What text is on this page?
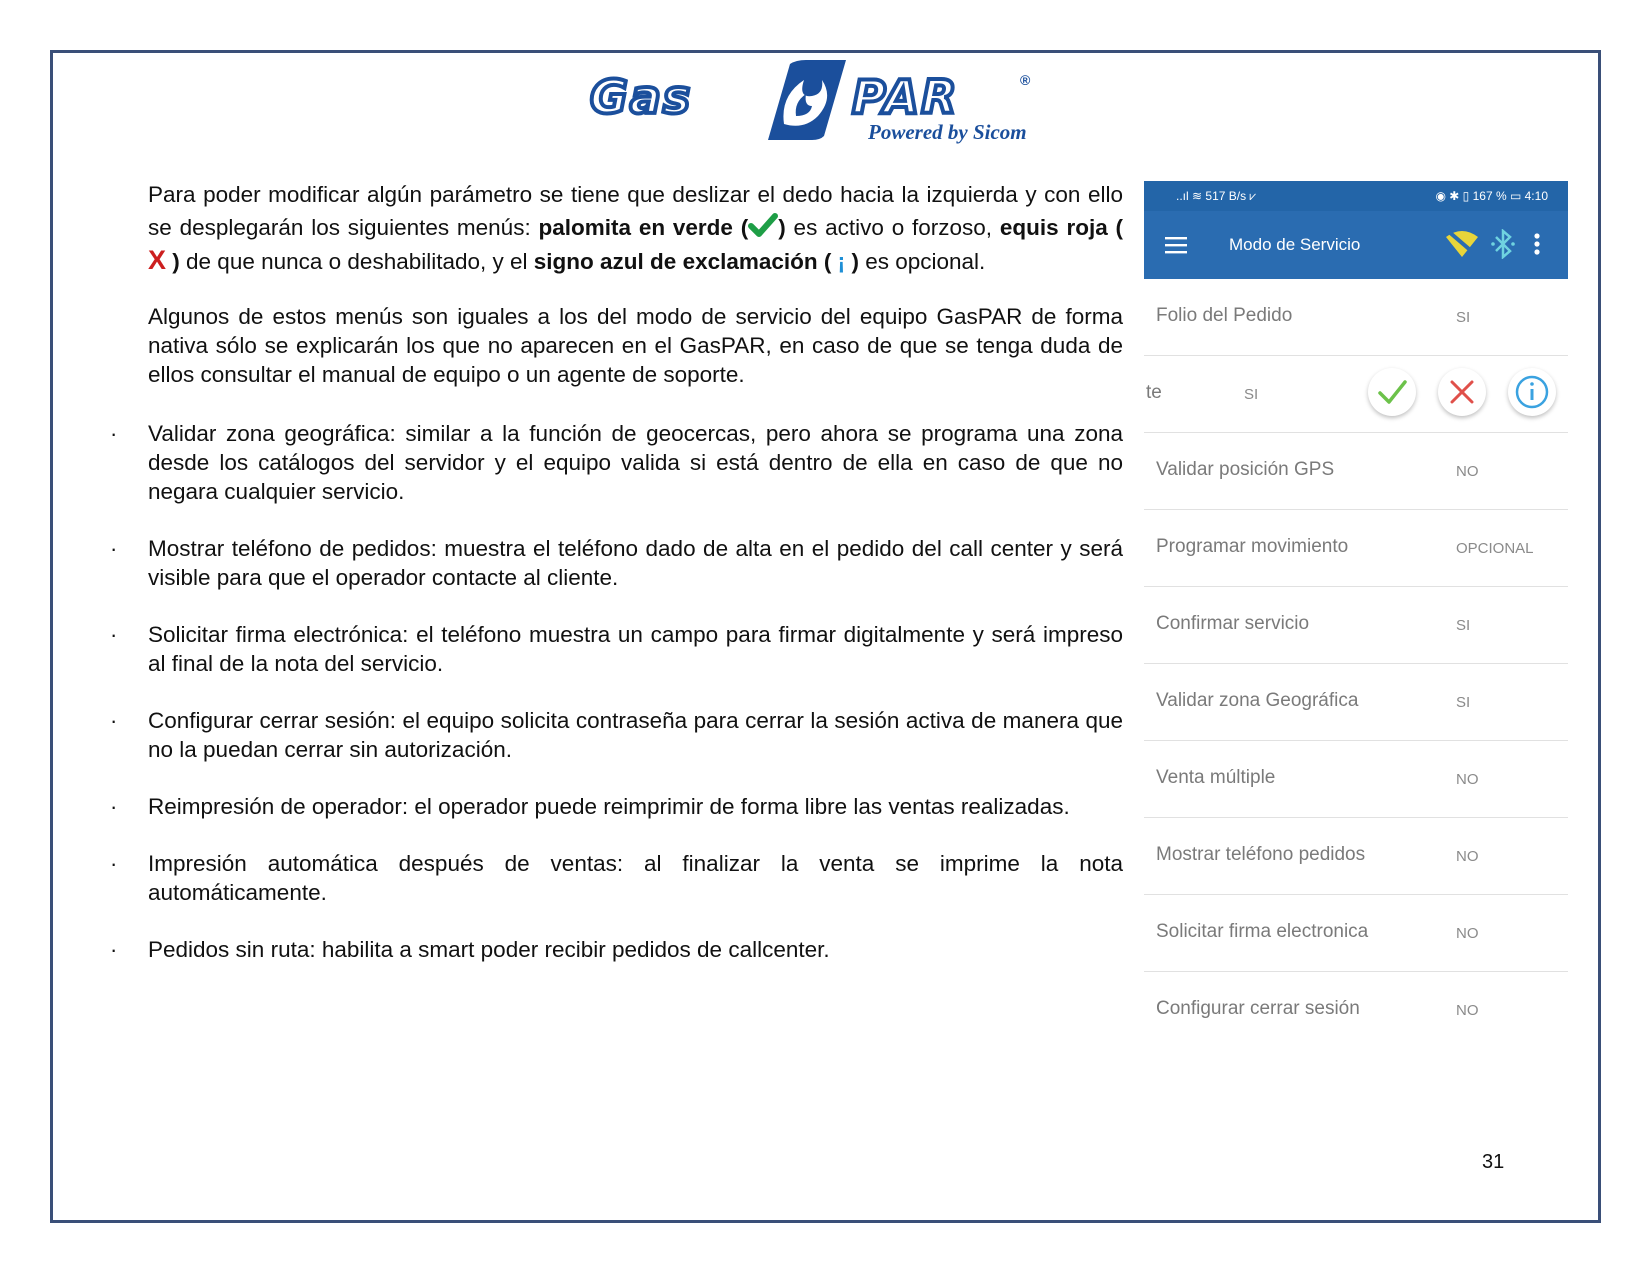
Gas	PAR	®
Powered by Sicom

Para poder modificar algún parámetro se tiene que deslizar el dedo hacia la izquierda y con ello se desplegarán los siguientes menús: palomita en verde ( ) es activo o forzoso, equis roja ( X ) de que nunca o deshabilitado, y el signo azul de exclamación ( ¡ ) es opcional.

Algunos de estos menús son iguales a los del modo de servicio del equipo GasPAR de forma nativa sólo se explicarán los que no aparecen en el GasPAR, en caso de que se tenga duda de ellos consultar el manual de equipo o un agente de soporte.

· Validar zona geográfica: similar a la función de geocercas, pero ahora se programa una zona desde los catálogos del servidor y el equipo valida si está dentro de ella en caso de que no negara cualquier servicio.
· Mostrar teléfono de pedidos: muestra el teléfono dado de alta en el pedido del call center y será visible para que el operador contacte al cliente.
· Solicitar firma electrónica: el teléfono muestra un campo para firmar digitalmente y será impreso al final de la nota del servicio.
· Configurar cerrar sesión: el equipo solicita contraseña para cerrar la sesión activa de manera que no la puedan cerrar sin autorización.
· Reimpresión de operador: el operador puede reimprimir de forma libre las ventas realizadas.
· Impresión automática después de ventas: al finalizar la venta se imprime la nota automáticamente.
· Pedidos sin ruta: habilita a smart poder recibir pedidos de callcenter.
..ıl ≋ 517 B/s ⩗	◉ ✱ ▯ 167 % ▭ 4:10
Modo de Servicio
Folio del Pedido	SI
te	SI
Validar posición GPS	NO
Programar movimiento	OPCIONAL
Confirmar servicio	SI
Validar zona Geográfica	SI
Venta múltiple	NO
Mostrar teléfono pedidos	NO
Solicitar firma electronica	NO
Configurar cerrar sesión	NO
31
